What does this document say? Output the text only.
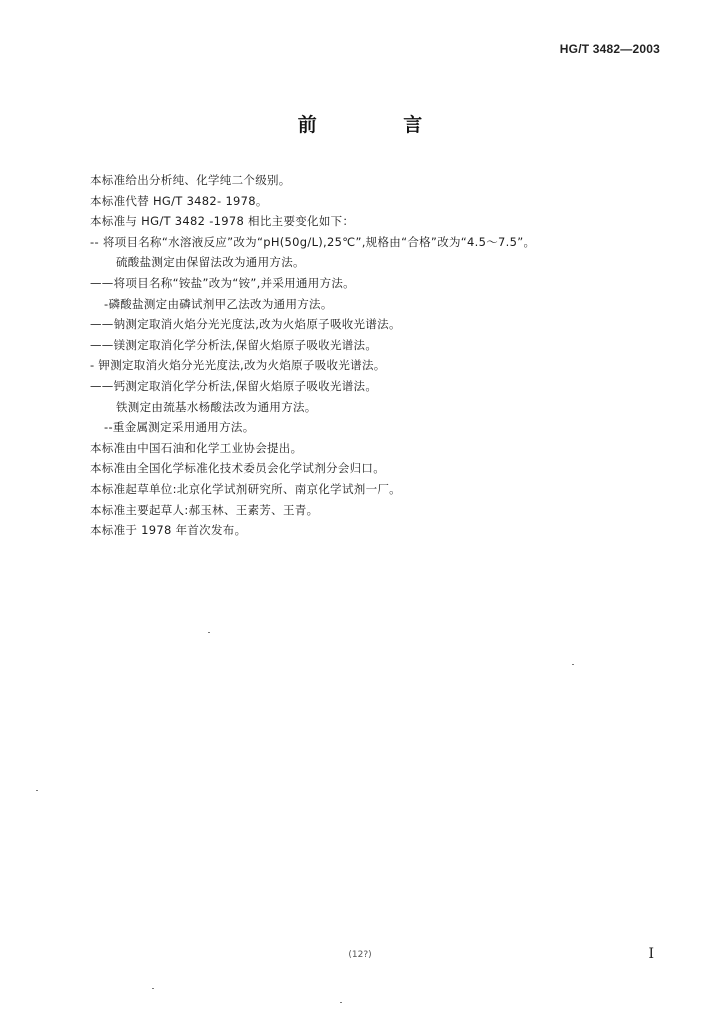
HG/T 3482—2003
前 言
本标准给出分析纯、化学纯二个级别。
本标准代替 HG/T 3482- 1978。
本标准与 HG/T 3482 -1978 相比主要变化如下：
-- 将项目名称“水溶液反应”改为“pH(50g/L),25℃”,规格由“合格”改为“4.5～7.5”。
硫酸盐测定由保留法改为通用方法。
——将项目名称“铵盐”改为“铵”,并采用通用方法。
-磷酸盐测定由磷试剂甲乙法改为通用方法。
——钠测定取消火焰分光光度法,改为火焰原子吸收光谱法。
——镁测定取消化学分析法,保留火焰原子吸收光谱法。
- 钾测定取消火焰分光光度法,改为火焰原子吸收光谱法。
——钙测定取消化学分析法,保留火焰原子吸收光谱法。
铁测定由巯基水杨酸法改为通用方法。
--重金属测定采用通用方法。
本标准由中国石油和化学工业协会提出。
本标准由全国化学标准化技术委员会化学试剂分会归口。
本标准起草单位:北京化学试剂研究所、南京化学试剂一厂。
本标准主要起草人:郝玉林、王素芳、王青。
本标准于 1978 年首次发布。
(12?)	I
